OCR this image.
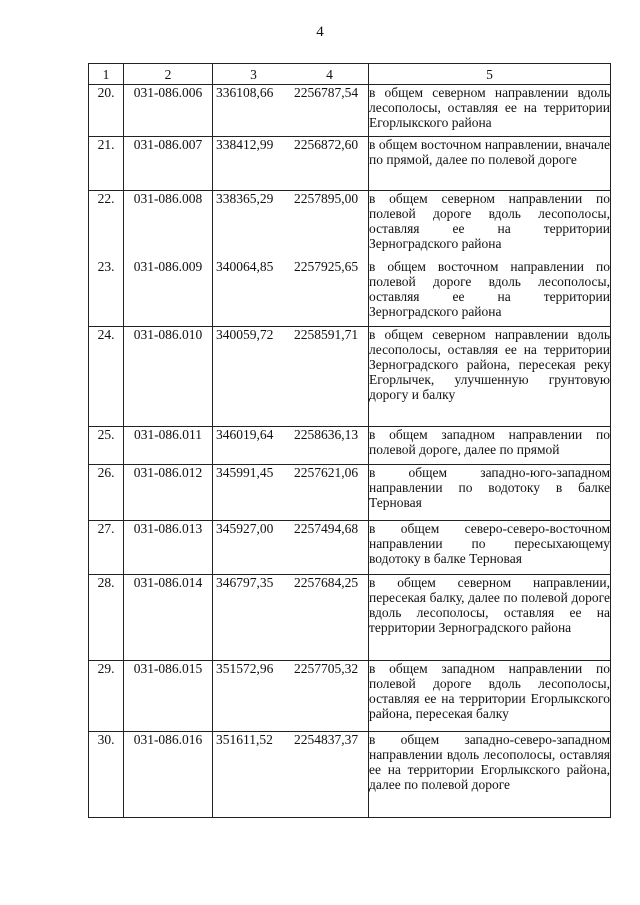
4
1	2	3 4	5
20.	031-086.006	336108,66 2256787,54	в общем северном направлении вдоль лесополосы, оставляя ее на территории Егорлыкского района
21.	031-086.007	338412,99 2256872,60	в общем восточном направлении, вначале по прямой, далее по полевой дороге
22.	031-086.008	338365,29 2257895,00	в общем северном направлении по полевой дороге вдоль лесополосы, оставляя ее на территории Зерноградского района
23.	031-086.009	340064,85 2257925,65	в общем восточном направлении по полевой дороге вдоль лесополосы, оставляя ее на территории Зерноградского района
24.	031-086.010	340059,72 2258591,71	в общем северном направлении вдоль лесополосы, оставляя ее на территории Зерноградского района, пересекая реку Егорлычек, улучшенную грунтовую дорогу и балку
25.	031-086.011	346019,64 2258636,13	в общем западном направлении по полевой дороге, далее по прямой
26.	031-086.012	345991,45 2257621,06	в общем западно-юго-западном направлении по водотоку в балке Терновая
27.	031-086.013	345927,00 2257494,68	в общем северо-северо-восточном направлении по пересыхающему водотоку в балке Терновая
28.	031-086.014	346797,35 2257684,25	в общем северном направлении, пересекая балку, далее по полевой дороге вдоль лесополосы, оставляя ее на территории Зерноградского района
29.	031-086.015	351572,96 2257705,32	в общем западном направлении по полевой дороге вдоль лесополосы, оставляя ее на территории Егорлыкского района, пересекая балку
30.	031-086.016	351611,52 2254837,37	в общем западно-северо-западном направлении вдоль лесополосы, оставляя ее на территории Егорлыкского района, далее по полевой дороге
